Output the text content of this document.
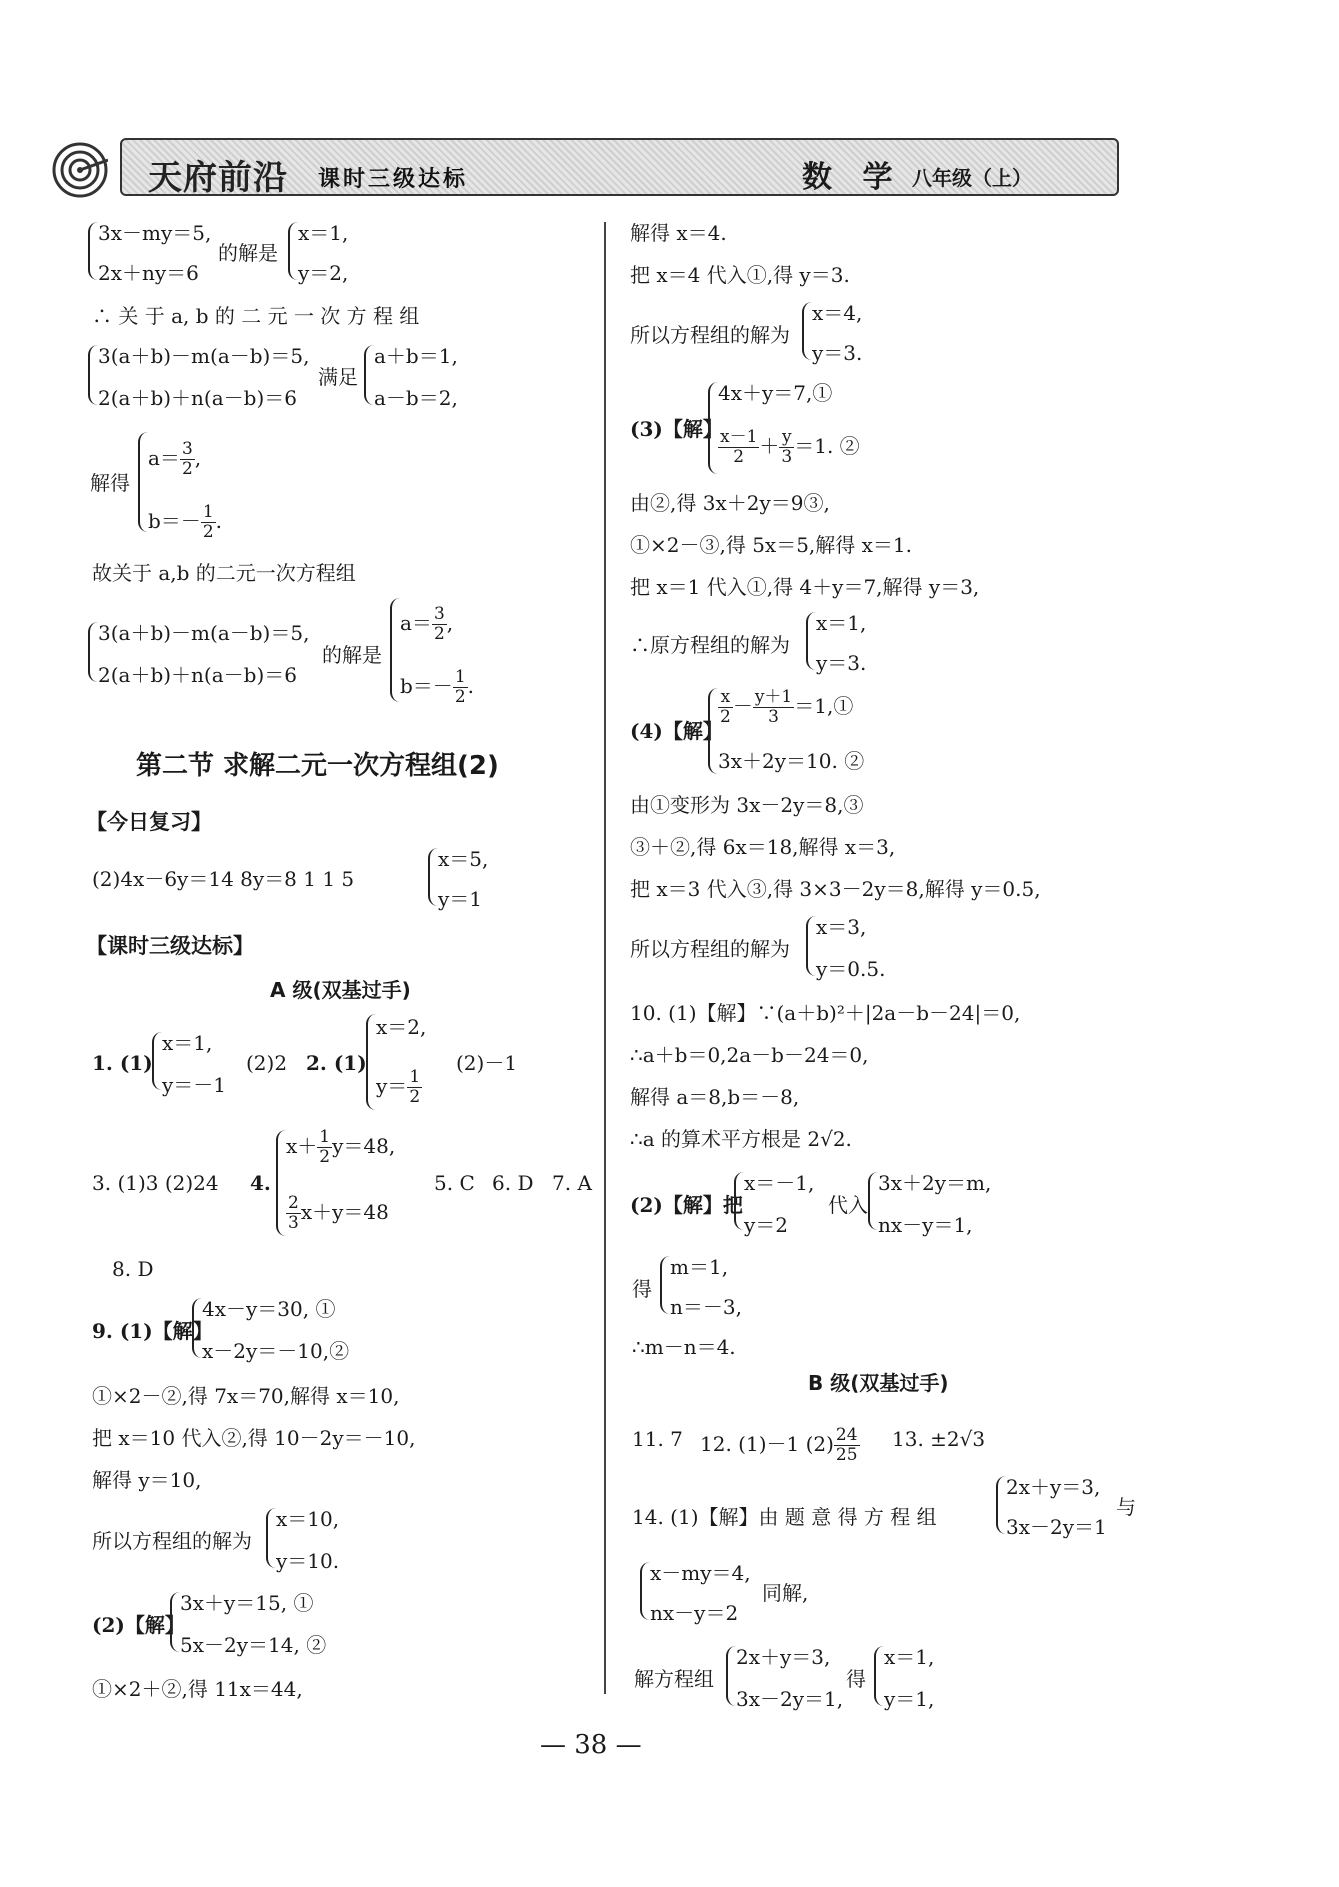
天府前沿 课时三级达标	数 学 八年级（上）
3x－my＝5,
2x＋ny＝6
的解是
x＝1,
y＝2,
∴ 关 于 a, b 的 二 元 一 次 方 程 组
3(a＋b)－m(a－b)＝5,
2(a＋b)＋n(a－b)＝6
满足
a＋b＝1,
a－b＝2,
解得
$a= \frac{3}{2}$ ,
$b=- \frac{1}{2}$ .
故关于 a,b 的二元一次方程组
3(a＋b)－m(a－b)＝5,
2(a＋b)＋n(a－b)＝6
的解是
$a= \frac{3}{2}$ ,
$b=- \frac{1}{2}$ .
第二节 求解二元一次方程组(2)
【今日复习】
(2)4x－6y＝14 8y＝8 1 1 5
x＝5,
y＝1
【课时三级达标】
A 级(双基过手)
1. (1)
x＝1,
y＝－1
(2)2 2. (1)
x＝2,
$y= \frac{1}{2}$
(2)－1
3. (1)3 (2)24 4.
$x+ \frac{1}{2} y=48$,
$\frac{2}{3} x+y=48$
5. C 6. D 7. A
8. D
9. (1)【解】
4x－y＝30, ①
x－2y＝－10,②
①×2－②,得 7x＝70,解得 x＝10,
把 x＝10 代入②,得 10－2y＝－10,
解得 y＝10,
所以方程组的解为
x＝10,
y＝10.
(2)【解】
3x＋y＝15, ①
5x－2y＝14, ②
①×2＋②,得 11x＝44,
解得 x＝4.
把 x＝4 代入①,得 y＝3.
所以方程组的解为
x＝4,
y＝3.
(3)【解】
4x＋y＝7,①
$\frac{x-1}{2} + \frac{y}{3} =1$. ②
由②,得 3x＋2y＝9③,
①×2－③,得 5x＝5,解得 x＝1.
把 x＝1 代入①,得 4＋y＝7,解得 y＝3,
∴原方程组的解为
x＝1,
y＝3.
(4)【解】
$\frac{x}{2} - \frac{y+1}{3}$ ＝1,①
3x＋2y＝10. ②
由①变形为 3x－2y＝8,③
③＋②,得 6x＝18,解得 x＝3,
把 x＝3 代入③,得 3×3－2y＝8,解得 y＝0.5,
所以方程组的解为
x＝3,
y＝0.5.
10. (1)【解】∵(a＋b)²＋|2a－b－24|＝0,
∴a＋b＝0,2a－b－24＝0,
解得 a＝8,b＝－8,
∴a 的算术平方根是 2√2.
(2)【解】把
x＝－1,
y＝2
代入
3x＋2y＝m,
nx－y＝1,
得
m＝1,
n＝－3,
∴m－n＝4.
B 级(双基过手)
11. 7 12. (1)－1 $(2) \frac{24}{25} 13$. ±2√3
14. (1)【解】由 题 意 得 方 程 组
2x＋y＝3,
3x－2y＝1
与
x－my＝4,
nx－y＝2
同解,
解方程组
2x＋y＝3,
3x－2y＝1,
得
x＝1,
y＝1,
— 38 —
